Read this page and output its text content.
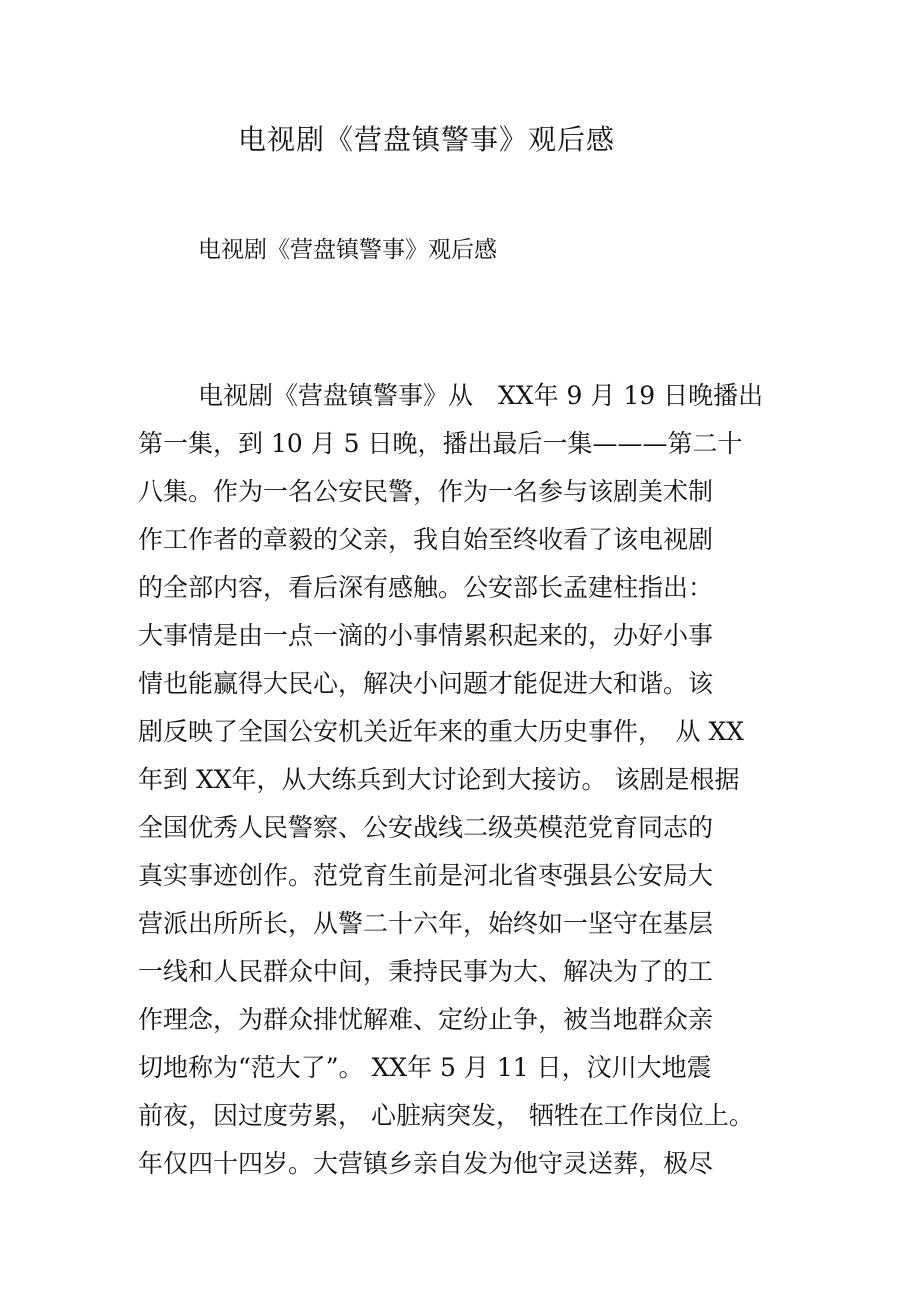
电视剧《营盘镇警事》观后感
电视剧《营盘镇警事》观后感
电视剧《营盘镇警事》从　XX年 9 月 19 日晚播出
第一集，到 10 月 5 日晚，播出最后一集———第二十
八集。作为一名公安民警，作为一名参与该剧美术制
作工作者的章毅的父亲，我自始至终收看了该电视剧
的全部内容，看后深有感触。公安部长孟建柱指出：
大事情是由一点一滴的小事情累积起来的，办好小事
情也能赢得大民心，解决小问题才能促进大和谐。该
剧反映了全国公安机关近年来的重大历史事件，　从 XX
年到 XX年，从大练兵到大讨论到大接访。 该剧是根据
全国优秀人民警察、公安战线二级英模范党育同志的
真实事迹创作。范党育生前是河北省枣强县公安局大
营派出所所长，从警二十六年，始终如一坚守在基层
一线和人民群众中间，秉持民事为大、解决为了的工
作理念，为群众排忧解难、定纷止争，被当地群众亲
切地称为“范大了”。 XX年 5 月 11 日，汶川大地震
前夜，因过度劳累， 心脏病突发， 牺牲在工作岗位上。
年仅四十四岁。大营镇乡亲自发为他守灵送葬，极尽
